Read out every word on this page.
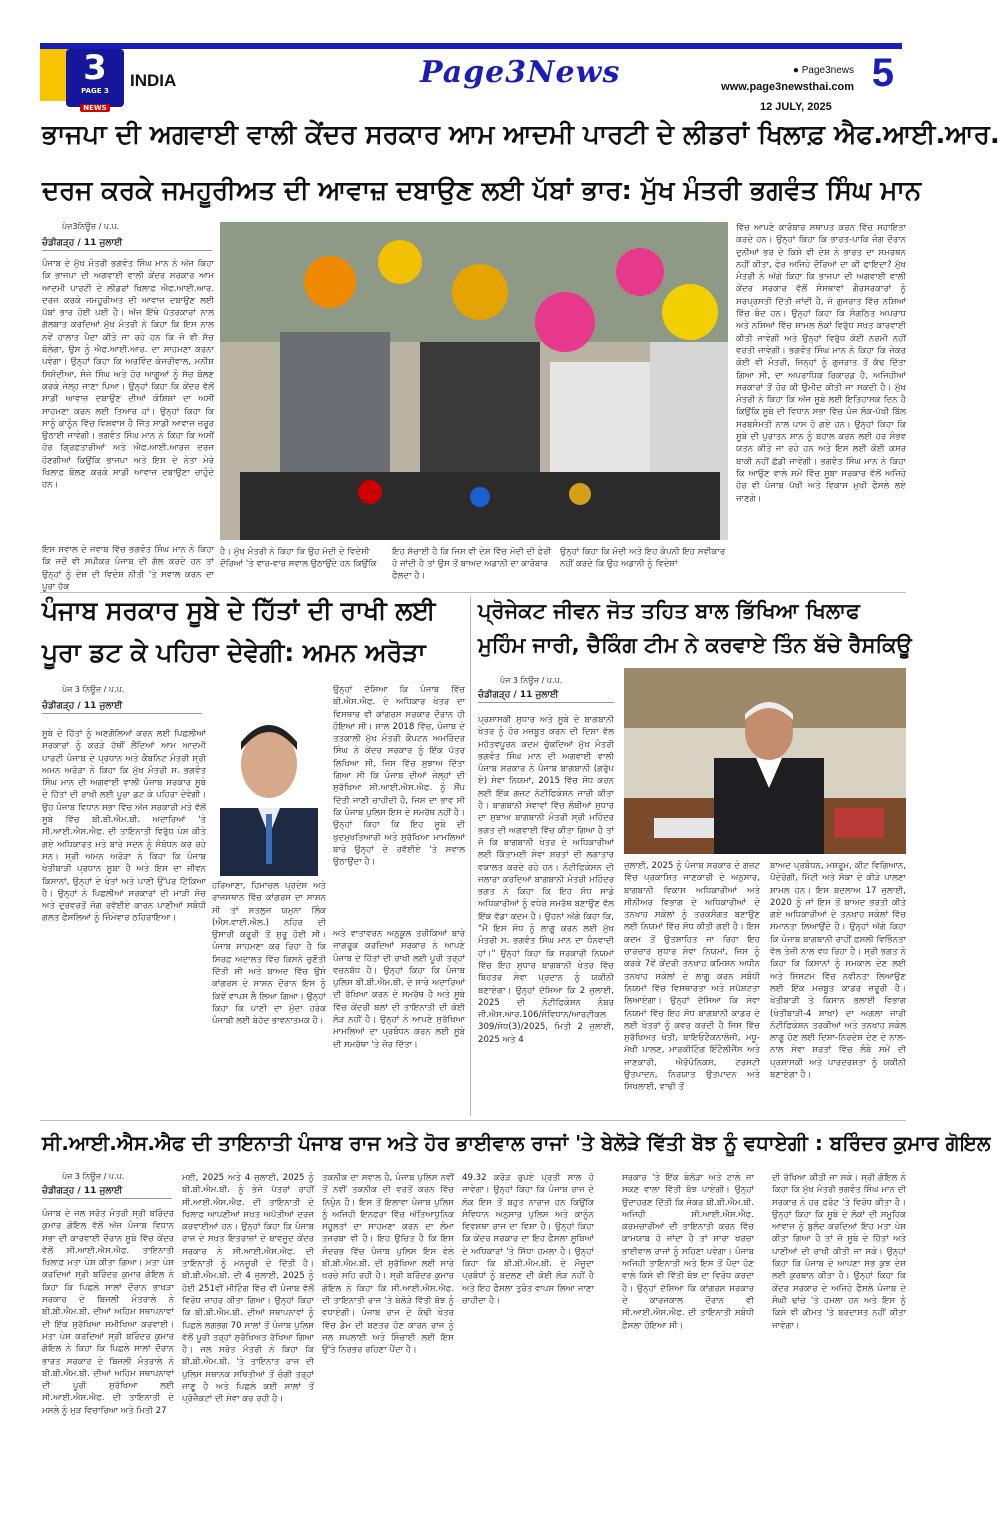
3
PAGE 3
NEWS
INDIA	Page3News	● Page3news
www.page3newsthai.com 5
12 JULY, 2025
ਭਾਜਪਾ ਦੀ ਅਗਵਾਈ ਵਾਲੀ ਕੇਂਦਰ ਸਰਕਾਰ ਆਮ ਆਦਮੀ ਪਾਰਟੀ ਦੇ ਲੀਡਰਾਂ ਖਿਲਾਫ਼ ਐਫ.ਆਈ.ਆਰ.
ਦਰਜ ਕਰਕੇ ਜਮਹੂਰੀਅਤ ਦੀ ਆਵਾਜ਼ ਦਬਾਉਣ ਲਈ ਪੱਬਾਂ ਭਾਰ: ਮੁੱਖ ਮੰਤਰੀ ਭਗਵੰਤ ਸਿੰਘ ਮਾਨ
ਪੇਜ਼3ਨਿਊਜ਼ / ਪ.ਪ.
ਚੰਡੀਗੜ੍ਹ / 11 ਜੁਲਾਈ
ਪੰਜਾਬ ਦੇ ਮੁੱਖ ਮੰਤਰੀ ਭਗਵੰਤ ਸਿੰਘ ਮਾਨ ਨੇ ਅੱਜ ਕਿਹਾ ਕਿ ਭਾਜਪਾ ਦੀ ਅਗਵਾਈ ਵਾਲੀ ਕੇਂਦਰ ਸਰਕਾਰ ਆਮ ਆਦਮੀ ਪਾਰਟੀ ਦੇ ਲੀਡਰਾਂ ਖਿਲਾਫ਼ ਐਫ.ਆਈ.ਆਰ. ਦਰਜ ਕਰਕੇ ਜਮਹੂਰੀਅਤ ਦੀ ਆਵਾਜ਼ ਦਬਾਉਣ ਲਈ ਪੱਬਾਂ ਭਾਰ ਹੋਈ ਪਈ ਹੈ। ਅੱਜ ਇੱਥੇ ਪੱਤਰਕਾਰਾਂ ਨਾਲ ਗੱਲਬਾਤ ਕਰਦਿਆਂ ਮੁੱਖ ਮੰਤਰੀ ਨੇ ਕਿਹਾ ਕਿ ਇਸ ਨਾਲ ਨਵੇਂ ਹਾਲਾਤ ਪੈਦਾ ਕੀਤੇ ਜਾ ਰਹੇ ਹਨ ਕਿ ਜੋ ਵੀ ਸੱਚ ਬੋਲੇਗਾ, ਉਸ ਨੂੰ ਐਫ.ਆਈ.ਆਰ. ਦਾ ਸਾਹਮਣਾ ਕਰਨਾ ਪਵੇਗਾ। ਉਨ੍ਹਾਂ ਕਿਹਾ ਕਿ ਅਰਵਿੰਦ ਕੇਜਰੀਵਾਲ, ਮਨੀਸ਼ ਸਿਸੋਦੀਆ, ਸੰਜੇ ਸਿੰਘ ਅਤੇ ਹੋਰ ਆਗੂਆਂ ਨੂੰ ਸੱਚ ਬੋਲਣ ਕਰਕੇ ਜੇਲ੍ਹ ਜਾਣਾ ਪਿਆ। ਉਨ੍ਹਾਂ ਕਿਹਾ ਕਿ ਕੇਂਦਰ ਵੱਲੋਂ ਸਾਡੀ ਆਵਾਜ਼ ਦਬਾਉਣ ਦੀਆਂ ਕੋਸ਼ਿਸ਼ਾਂ ਦਾ ਅਸੀਂ ਸਾਹਮਣਾ ਕਰਨ ਲਈ ਤਿਆਰ ਹਾਂ। ਉਨ੍ਹਾਂ ਕਿਹਾ ਕਿ ਸਾਨੂੰ ਕਾਨੂੰਨ ਵਿੱਚ ਵਿਸ਼ਵਾਸ ਹੈ ਜਿੱਤ ਸਾਡੀ ਆਵਾਜ਼ ਜ਼ਰੂਰ ਉਠਾਈ ਜਾਵੇਗੀ। ਭਗਵੰਤ ਸਿੰਘ ਮਾਨ ਨੇ ਕਿਹਾ ਕਿ ਅਸੀਂ ਹੋਰ ਗ੍ਰਿਫ਼ਤਾਰੀਆਂ ਅਤੇ ਐਫ.ਆਈ.ਆਰਜ਼ ਦਰਜ ਹੋਣਗੀਆਂ ਕਿਉਂਕਿ ਭਾਜਪਾ ਅਤੇ ਇਸ ਦੇ ਨੇਤਾ ਮੇਰੇ ਖਿਲਾਫ਼ ਬੋਲਣ ਕਰਕੇ ਸਾਡੀ ਆਵਾਜ਼ ਦਬਾਉਣਾ ਚਾਹੁੰਦੇ ਹਨ।
ਇਸ ਸਵਾਲ ਦੇ ਜਵਾਬ ਵਿੱਚ ਭਗਵੰਤ ਸਿੰਘ ਮਾਨ ਨੇ ਕਿਹਾ ਕਿ ਜਦੋਂ ਵੀ ਸਪੀਕਰ ਪੰਜਾਬ ਦੀ ਗੱਲ ਕਰਦੇ ਹਨ ਤਾਂ ਉਨ੍ਹਾਂ ਨੂੰ ਦੇਸ਼ ਦੀ ਵਿਦੇਸ਼ ਨੀਤੀ 'ਤੇ ਸਵਾਲ ਕਰਨ ਦਾ ਪੂਰਾ ਹੱਕ
ਹੈ। ਮੁੱਖ ਮੰਤਰੀ ਨੇ ਕਿਹਾ ਕਿ ਉਹ ਮੋਦੀ ਦੇ ਵਿਦੇਸ਼ੀ ਦੌਰਿਆਂ 'ਤੇ ਵਾਰ-ਵਾਰ ਸਵਾਲ ਉਠਾਉਂਦੇ ਹਨ ਕਿਉਂਕਿ
ਇਹ ਸੱਚਾਈ ਹੈ ਕਿ ਜਿਸ ਵੀ ਦੇਸ਼ ਵਿੱਚ ਮੋਦੀ ਦੀ ਫੇਰੀ ਹੋ ਜਾਂਦੀ ਹੈ ਤਾਂ ਉਸ ਤੋਂ ਬਾਅਦ ਅਡਾਨੀ ਦਾ ਕਾਰੋਬਾਰ ਫੈਲਦਾ ਹੈ।
ਉਨ੍ਹਾਂ ਕਿਹਾ ਕਿ ਮੋਦੀ ਅਤੇ ਇਹ ਕੰਪਨੀ ਇਹ ਸਵੀਕਾਰ ਨਹੀਂ ਕਰਦੇ ਕਿ ਉਹ ਅਡਾਨੀ ਨੂੰ ਵਿਦੇਸ਼ਾਂ
ਵਿੱਚ ਆਪਣੇ ਕਾਰੋਬਾਰ ਸਥਾਪਤ ਕਰਨ ਵਿੱਚ ਸਹਾਇਤਾ ਕਰਦੇ ਹਨ। ਉਨ੍ਹਾਂ ਕਿਹਾ ਕਿ ਭਾਰਤ-ਪਾਕਿ ਜੰਗ ਦੌਰਾਨ ਦੁਨੀਆਂ ਭਰ ਦੇ ਕਿਸੇ ਵੀ ਦੇਸ਼ ਨੇ ਭਾਰਤ ਦਾ ਸਮਰਥਨ ਨਹੀਂ ਕੀਤਾ, ਫੇਰ ਅਜਿਹੇ ਦੌਰਿਆਂ ਦਾ ਕੀ ਫਾਇਦਾ? ਮੁੱਖ ਮੰਤਰੀ ਨੇ ਅੱਗੇ ਕਿਹਾ ਕਿ ਭਾਜਪਾ ਦੀ ਅਗਵਾਈ ਵਾਲੀ ਕੇਂਦਰ ਸਰਕਾਰ ਵੱਲੋਂ ਸੰਸਥਾਵਾਂ ਗੈਰਸਰਕਾਰਾਂ ਨੂੰ ਸਰਪ੍ਰਸਤੀ ਦਿੱਤੀ ਜਾਂਦੀ ਹੈ, ਜੋ ਗੁਜਰਾਤ ਵਿੱਚ ਨਸ਼ਿਆਂ ਵਿੱਚ ਬੰਦ ਹਨ। ਉਨ੍ਹਾਂ ਕਿਹਾ ਕਿ ਸੰਗਠਿਤ ਅਪਰਾਧ ਅਤੇ ਨਸ਼ਿਆਂ ਵਿੱਚ ਸ਼ਾਮਲ ਲੋਕਾਂ ਵਿਰੁੱਧ ਸਖ਼ਤ ਕਾਰਵਾਈ ਕੀਤੀ ਜਾਵੇਗੀ ਅਤੇ ਉਨ੍ਹਾਂ ਵਿਰੁੱਧ ਕੋਈ ਨਰਮੀ ਨਹੀਂ ਵਰਤੀ ਜਾਵੇਗੀ। ਭਗਵੰਤ ਸਿੰਘ ਮਾਨ ਨੇ ਕਿਹਾ ਕਿ ਜੇਕਰ ਕੋਈ ਵੀ ਮੰਤਰੀ, ਜਿਨ੍ਹਾਂ ਨੂੰ ਗੁਜਰਾਤ ਤੋਂ ਕੱਢ ਦਿੱਤਾ ਗਿਆ ਸੀ, ਦਾ ਅਪਰਾਧਿਕ ਰਿਕਾਰਡ ਹੈ, ਅਜਿਹੀਆਂ ਸਰਕਾਰਾਂ ਤੋਂ ਹੋਰ ਕੀ ਉਮੀਦ ਕੀਤੀ ਜਾ ਸਕਦੀ ਹੈ। ਮੁੱਖ ਮੰਤਰੀ ਨੇ ਕਿਹਾ ਕਿ ਅੱਜ ਸੂਬੇ ਲਈ ਇਤਿਹਾਸਕ ਦਿਨ ਹੈ ਕਿਉਂਕਿ ਸੂਬੇ ਦੀ ਵਿਧਾਨ ਸਭਾ ਵਿੱਚ ਪੰਜ ਲੋਕ-ਪੱਖੀ ਬਿੱਲ ਸਰਬਸੰਮਤੀ ਨਾਲ ਪਾਸ ਹੋ ਗਏ ਹਨ। ਉਨ੍ਹਾਂ ਕਿਹਾ ਕਿ ਸੂਬੇ ਦੀ ਪੁਰਾਤਨ ਸ਼ਾਨ ਨੂੰ ਬਹਾਲ ਕਰਨ ਲਈ ਹਰ ਸੰਭਵ ਯਤਨ ਕੀਤੇ ਜਾ ਰਹੇ ਹਨ ਅਤੇ ਇਸ ਲਈ ਕੋਈ ਕਸਰ ਬਾਕੀ ਨਹੀਂ ਛੱਡੀ ਜਾਵੇਗੀ। ਭਗਵੰਤ ਸਿੰਘ ਮਾਨ ਨੇ ਕਿਹਾ ਕਿ ਆਉਣ ਵਾਲੇ ਸਮੇਂ ਵਿੱਚ ਸੂਬਾ ਸਰਕਾਰ ਵੱਲੋਂ ਅਜਿਹੇ ਹੋਰ ਵੀ ਪੰਜਾਬ ਪੱਖੀ ਅਤੇ ਵਿਕਾਸ ਮੁਖੀ ਫੈਸਲੇ ਲਏ ਜਾਣਗੇ।
ਪੰਜਾਬ ਸਰਕਾਰ ਸੂਬੇ ਦੇ ਹਿੱਤਾਂ ਦੀ ਰਾਖੀ ਲਈ
ਪੂਰਾ ਡਟ ਕੇ ਪਹਿਰਾ ਦੇਵੇਗੀ: ਅਮਨ ਅਰੋੜਾ
ਪੇਜ 3 ਨਿਊਜ਼ / ਪ.ਪ.
ਚੰਡੀਗੜ੍ਹ / 11 ਜੁਲਾਈ
ਸੂਬੇ ਦੇ ਹਿੱਤਾਂ ਨੂੰ ਅਣਗੌਲਿਆਂ ਕਰਨ ਲਈ ਪਿਛਲੀਆਂ ਸਰਕਾਰਾਂ ਨੂੰ ਕਰੜੇ ਹੱਥੀਂ ਲੈਂਦਿਆਂ ਆਮ ਆਦਮੀ ਪਾਰਟੀ ਪੰਜਾਬ ਦੇ ਪ੍ਰਧਾਨ ਅਤੇ ਕੈਬਨਿਟ ਮੰਤਰੀ ਸ੍ਰੀ ਅਮਨ ਅਰੋੜਾ ਨੇ ਕਿਹਾ ਕਿ ਮੁੱਖ ਮੰਤਰੀ ਸ. ਭਗਵੰਤ ਸਿੰਘ ਮਾਨ ਦੀ ਅਗਵਾਈ ਵਾਲੀ ਪੰਜਾਬ ਸਰਕਾਰ ਸੂਬੇ ਦੇ ਹਿੱਤਾਂ ਦੀ ਰਾਖੀ ਲਈ ਪੂਰਾ ਡਟ ਕੇ ਪਹਿਰਾ ਦੇਵੇਗੀ। ਉਹ ਪੰਜਾਬ ਵਿਧਾਨ ਸਭਾ ਵਿੱਚ ਅੱਜ ਸਰਕਾਰੀ ਮਤੇ ਵੱਲੋਂ ਸੂਬੇ ਵਿੱਚ ਬੀ.ਬੀ.ਐਮ.ਬੀ. ਅਦਾਰਿਆਂ 'ਤੇ ਸੀ.ਆਈ.ਐਸ.ਐਫ. ਦੀ ਤਾਇਨਾਤੀ ਵਿਰੁੱਧ ਪੇਸ਼ ਕੀਤੇ ਗਏ ਅਧਿਕਾਰਤ ਮਤੇ ਬਾਰੇ ਸਦਨ ਨੂੰ ਸੰਬੋਧਨ ਕਰ ਰਹੇ ਸਨ। ਸ੍ਰੀ ਅਮਨ ਅਰੋੜਾ ਨੇ ਕਿਹਾ ਕਿ ਪੰਜਾਬ ਖੇਤੀਬਾੜੀ ਪ੍ਰਧਾਨ ਸੂਬਾ ਹੈ ਅਤੇ ਇਸ ਦਾ ਜੀਵਨ ਕਿਸਾਨਾਂ, ਉਨ੍ਹਾਂ ਦੇ ਖੇਤਾਂ ਅਤੇ ਪਾਣੀ ਉੱਪਰ ਟਿੱਕਿਆ ਹੈ। ਉਨ੍ਹਾਂ ਨੇ ਪਿਛਲੀਆਂ ਸਰਕਾਰਾਂ ਦੀ ਮਾੜੀ ਸੋਚ ਅਤੇ ਦੁਰਵਰਤੋਂ ਜੋਗ ਰਵੱਈਏ ਕਾਰਨ ਪਾਣੀਆਂ ਸਬੰਧੀ ਗਲਤ ਫੈਸਲਿਆਂ ਨੂੰ ਜ਼ਿੰਮੇਵਾਰ ਠਹਿਰਾਇਆ।
ਹਰਿਆਣਾ, ਹਿਮਾਚਲ ਪ੍ਰਦੇਸ਼ ਅਤੇ ਰਾਜਸਥਾਨ ਵਿੱਚ ਕਾਂਗਰਸ ਦਾ ਸਾਸ਼ਨ ਸੀ ਤਾਂ ਸਤਲੁਜ ਯਮੁਨਾ ਲਿੰਕ (ਐਸ.ਵਾਈ.ਐਲ.) ਨਹਿਰ ਦੀ ਉਸਾਰੀ ਕਰੂਰੀ ਤੋਂ ਸ਼ੁਰੂ ਹੋਈ ਸੀ। ਪੰਜਾਬ ਸਾਹਮਣਾ ਕਰ ਰਿਹਾ ਹੈ ਕਿ ਸਿਰਫ਼ ਅਦਾਲਤ ਵਿੱਚ ਕਿਸਨੇ ਚੁਣੌਤੀ ਦਿੱਤੀ ਸੀ ਅਤੇ ਬਾਅਦ ਵਿੱਚ ਉਸੇ ਕਾਂਗਰਸ ਦੇ ਸਾਸ਼ਨ ਦੌਰਾਨ ਇਸ ਨੂੰ ਕਿਵੇਂ ਵਾਪਸ ਲੈ ਲਿਆ ਗਿਆ। ਉਨ੍ਹਾਂ ਕਿਹਾ ਕਿ ਪਾਣੀ ਦਾ ਮੁੱਦਾ ਹਰੇਕ ਪੰਜਾਬੀ ਲਈ ਬੇਹੱਦ ਭਾਵਨਾਤਮਕ ਹੈ।
ਉਨ੍ਹਾਂ ਦੱਸਿਆ ਕਿ ਪੰਜਾਬ ਵਿੱਚ ਬੀ.ਐਸ.ਐਫ. ਦੇ ਅਧਿਕਾਰ ਖੇਤਰ ਦਾ ਵਿਸਥਾਰ ਵੀ ਕਾਂਗਰਸ ਸਰਕਾਰ ਦੌਰਾਨ ਹੀ ਹੋਇਆ ਸੀ। ਸਾਲ 2018 ਵਿੱਚ, ਪੰਜਾਬ ਦੇ ਤਤਕਾਲੀ ਮੁੱਖ ਮੰਤਰੀ ਕੈਪਟਨ ਅਮਰਿੰਦਰ ਸਿੰਘ ਨੇ ਕੇਂਦਰ ਸਰਕਾਰ ਨੂੰ ਇੱਕ ਪੱਤਰ ਲਿਖਿਆ ਸੀ, ਜਿਸ ਵਿੱਚ ਸੁਝਾਅ ਦਿੱਤਾ ਗਿਆ ਸੀ ਕਿ ਪੰਜਾਬ ਦੀਆਂ ਜੇਲ੍ਹਾਂ ਦੀ ਸੁਰੱਖਿਆ ਸੀ.ਆਈ.ਐਸ.ਐਫ. ਨੂੰ ਸੌਂਪ ਦਿੱਤੀ ਜਾਣੀ ਚਾਹੀਦੀ ਹੈ, ਜਿਸ ਦਾ ਭਾਵ ਸੀ ਕਿ ਪੰਜਾਬ ਪੁਲਿਸ ਇਸ ਦੇ ਸਮਰੱਥ ਨਹੀਂ ਹੈ। ਉਨ੍ਹਾਂ ਕਿਹਾ ਕਿ ਇਹ ਸੂਬੇ ਦੀ ਖੁਦਮੁਖਤਿਆਰੀ ਅਤੇ ਸੁਰੱਖਿਆ ਮਾਮਲਿਆਂ ਬਾਰੇ ਉਨ੍ਹਾਂ ਦੇ ਰਵੱਈਏ 'ਤੇ ਸਵਾਲ ਉਠਾਉਂਦਾ ਹੈ।
ਅਤੇ ਵਾਤਾਵਰਨ ਅਨੁਕੂਲ ਤਰੀਕਿਆਂ ਬਾਰੇ ਜਾਗਰੂਕ ਕਰਦਿਆਂ ਸਰਕਾਰ ਨੇ ਆਪਣੇ ਪੰਜਾਬ ਦੇ ਹਿੱਤਾਂ ਦੀ ਰਾਖੀ ਲਈ ਪੂਰੀ ਤਰ੍ਹਾਂ ਵਚਨਬੱਧ ਹੈ। ਉਨ੍ਹਾਂ ਕਿਹਾ ਕਿ ਪੰਜਾਬ ਪੁਲਿਸ ਬੀ.ਬੀ.ਐਮ.ਬੀ. ਦੇ ਸਾਰੇ ਅਦਾਰਿਆਂ ਦੀ ਰੱਖਿਆ ਕਰਨ ਦੇ ਸਮਰੱਥ ਹੈ ਅਤੇ ਸੂਬੇ ਵਿੱਚ ਕੇਂਦਰੀ ਬਲਾਂ ਦੀ ਤਾਇਨਾਤੀ ਦੀ ਕੋਈ ਲੋੜ ਨਹੀਂ ਹੈ। ਉਨ੍ਹਾਂ ਨੇ ਆਪਣੇ ਸੁਰੱਖਿਆ ਮਾਮਲਿਆਂ ਦਾ ਪ੍ਰਬੰਧਨ ਕਰਨ ਲਈ ਸੂਬੇ ਦੀ ਸਮਰੱਥਾ 'ਤੇ ਜ਼ੋਰ ਦਿੱਤਾ।
ਪ੍ਰੋਜੇਕਟ ਜੀਵਨ ਜੋਤ ਤਹਿਤ ਬਾਲ ਭਿੱਖਿਆ ਖਿਲਾਫ
ਮੁਹਿੰਮ ਜਾਰੀ, ਚੈਕਿੰਗ ਟੀਮ ਨੇ ਕਰਵਾਏ ਤਿੰਨ ਬੱਚੇ ਰੈਸਕਿਊ
ਪੇਜ 3 ਨਿਊਜ਼ / ਪ.ਪ.
ਚੰਡੀਗੜ੍ਹ / 11 ਜੁਲਾਈ
ਪ੍ਰਸ਼ਾਸਕੀ ਸੁਧਾਰ ਅਤੇ ਸੂਬੇ ਦੇ ਬਾਗਬਾਨੀ ਖੇਤਰ ਨੂੰ ਹੋਰ ਮਜ਼ਬੂਤ ਕਰਨ ਦੀ ਦਿਸ਼ਾ ਵੱਲ ਮਹੱਤਵਪੂਰਨ ਕਦਮ ਚੁੱਕਦਿਆਂ ਮੁੱਖ ਮੰਤਰੀ ਭਗਵੰਤ ਸਿੰਘ ਮਾਨ ਦੀ ਅਗਵਾਈ ਵਾਲੀ ਪੰਜਾਬ ਸਰਕਾਰ ਨੇ ਪੰਜਾਬ ਬਾਗਬਾਨੀ (ਗਰੁੱਪ ਏ) ਸੇਵਾ ਨਿਯਮਾਂ, 2015 ਵਿੱਚ ਸੋਧ ਕਰਨ ਲਈ ਇੱਕ ਗਜ਼ਟ ਨੋਟੀਫਿਕੇਸ਼ਨ ਜਾਰੀ ਕੀਤਾ ਹੈ। ਬਾਗਬਾਨੀ ਸੇਵਾਵਾਂ ਵਿੱਚ ਲੰਬੀਆਂ ਸੁਧਾਰ ਦਾ ਸੁਝਾਅ ਬਾਗਬਾਨੀ ਮੰਤਰੀ ਸ੍ਰੀ ਮਹਿੰਦਰ ਭਗਤ ਦੀ ਅਗਵਾਈ ਵਿੱਚ ਕੀਤਾ ਗਿਆ ਹੈ ਤਾਂ ਜੋ ਕਿ ਬਾਗਬਾਨੀ ਖੇਤਰ ਦੇ ਅਧਿਕਾਰੀਆਂ ਲਈ ਕਿੱਤਾਮਈ ਸੇਵਾ ਸ਼ਰਤਾਂ ਦੀ ਲਗਾਤਾਰ ਵਕਾਲਤ ਕਰਦੇ ਰਹੇ ਹਨ। ਨੋਟੀਫਿਕੇਸ਼ਨ ਦੀ ਜਲਾਰਾ ਕਰਦਿਆਂ ਬਾਗਬਾਨੀ ਮੰਤਰੀ ਮਹਿੰਦਰ ਭਗਤ ਨੇ ਕਿਹਾ ਕਿ ਇਹ ਸੋਧ ਸਾਡੇ ਅਧਿਕਾਰੀਆਂ ਨੂੰ ਵਧੇਰੇ ਸਮਰੱਥ ਬਣਾਉਣ ਵੱਲ ਇੱਕ ਵੱਡਾ ਕਦਮ ਹੈ। ਉਹਨਾਂ ਅੱਗੇ ਕਿਹਾ ਕਿ, "ਮੈਂ ਇਸ ਸੋਧ ਨੂੰ ਲਾਗੂ ਕਰਨ ਲਈ ਮੁੱਖ ਮੰਤਰੀ ਸ. ਭਗਵੰਤ ਸਿੰਘ ਮਾਨ ਦਾ ਧੰਨਵਾਦੀ ਹਾਂ।" ਉਨ੍ਹਾਂ ਕਿਹਾ ਕਿ ਸਰਕਾਰੀ ਨਿਯਮਾਂ ਵਿੱਚ ਇਹ ਸੁਧਾਰ ਬਾਗਬਾਨੀ ਖੇਤਰ ਵਿੱਚ ਬਿਹਤਰ ਸੇਵਾ ਪ੍ਰਦਾਨ ਨੂੰ ਯਕੀਨੀ ਬਣਾਏਗਾ। ਉਨ੍ਹਾਂ ਦੱਸਿਆ ਕਿ 2 ਜੁਲਾਈ, 2025 ਦੀ ਨੋਟੀਫਿਕੇਸ਼ਨ ਨੰਬਰ ਜੀ.ਐਸ.ਆਰ.106/ਸੰਵਿਧਾਨ/ਆਰਟੀਕਲ 309/ਸੋਧ(3)/2025, ਮਿਤੀ 2 ਜੁਲਾਈ, 2025 ਅਤੇ 4
ਜੁਲਾਈ, 2025 ਨੂੰ ਪੰਜਾਬ ਸਰਕਾਰ ਦੇ ਗਜ਼ਟ ਵਿੱਚ ਪ੍ਰਕਾਸ਼ਿਤ ਜਾਣਕਾਰੀ ਦੇ ਅਨੁਸਾਰ, ਬਾਗਬਾਨੀ ਵਿਕਾਸ ਅਧਿਕਾਰੀਆਂ ਅਤੇ ਸੀਨੀਅਰ ਵਿਭਾਗ ਦੇ ਅਧਿਕਾਰੀਆਂ ਦੇ ਤਨਖਾਹ ਸਕੇਲਾਂ ਨੂੰ ਤਰਕਸੰਗਤ ਬਣਾਉਣ ਲਈ ਨਿਯਮਾਂ ਵਿੱਚ ਸੋਧ ਕੀਤੀ ਗਈ ਹੈ। ਇਸ ਕਦਮ ਤੋਂ ਉਤਸ਼ਾਹਿਤ ਜਾ ਰਿਹਾ ਇਹ ਚਾਰਚਾਰ ਸੁਧਾਰ ਸੇਵਾ ਨਿਯਮਾਂ, ਜਿਸ ਨੂੰ ਕਰਕੇ 7ਵੇਂ ਕੇਂਦਰੀ ਤਨਖਾਹ ਕਮਿਸ਼ਨ ਅਧੀਨ ਤਨਖਾਹ ਸਕੇਲਾਂ ਦੇ ਲਾਗੂ ਕਰਨ ਸਬੰਧੀ ਨਿਯਮਾਂ ਵਿੱਚ ਵਿਸਥਾਰਤਾ ਅਤੇ ਸਪੱਸ਼ਟਤਾ ਲਿਆਏਗਾ। ਉਨ੍ਹਾਂ ਦੱਸਿਆ ਕਿ ਸੇਵਾ ਨਿਯਮਾਂ ਵਿੱਚ ਇਹ ਸੋਧ ਬਾਗਬਾਨੀ ਕਾਡਰ ਦੇ ਲਈ ਖੇਤਰਾਂ ਨੂੰ ਕਵਰ ਕਰਦੀ ਹੈ ਜਿਸ ਵਿੱਚ ਸੁਰੱਖਿਅਤ ਖੇਤੀ, ਬਾਇਓਟੈਕਨਾਲੋਜੀ, ਮਧੂ-ਮੱਖੀ ਪਾਲਣ, ਮਾਰਕੀਟਿੰਗ ਇੰਟੈਲੀਜੈਂਸ ਅਤੇ ਜਾਣਕਾਰੀ, ਐਰੋਪੋਨਿਕਸ, ਟਰਸਟੀ ਉਤਪਾਦਨ, ਨਿਰਯਾਤ ਉਤਪਾਦਨ ਅਤੇ ਸਿਖਲਾਈ, ਵਾਢੀ ਤੋਂ
ਬਾਅਦ ਪ੍ਰਬੰਧਨ, ਮਸ਼ਰੂਮ, ਕੀਟ ਵਿਗਿਆਨ, ਪੌਦੇਰੋਗੀ, ਮਿੱਟੀ ਅਤੇ ਸੋਕਾ ਦੇ ਕੀੜੇ ਪਾਲਣਾ ਸ਼ਾਮਲ ਹਨ। ਇਸ ਬਦਲਾਅ 17 ਜੁਲਾਈ, 2020 ਨੂੰ ਜਾਂ ਇਸ ਤੋਂ ਬਾਅਦ ਭਰਤੀ ਕੀਤੇ ਗਏ ਅਧਿਕਾਰੀਆਂ ਦੇ ਤਨਖਾਹ ਸਕੇਲਾਂ ਵਿੱਚ ਸਮਾਨਤਾ ਲਿਆਉਂਦੇ ਹੈ। ਉਨ੍ਹਾਂ ਅੱਗੇ ਕਿਹਾ ਕਿ ਪੰਜਾਬ ਬਾਗਬਾਨੀ ਰਾਹੀਂ ਫ਼ਸਲੀ ਵਿਭਿੰਨਤਾ ਵੱਲ ਤੇਜ਼ੀ ਨਾਲ ਵਧ ਰਿਹਾ ਹੈ। ਸ੍ਰੀ ਭਗਤ ਨੇ ਕਿਹਾ ਕਿ ਕਿਸਾਨਾਂ ਨੂੰ ਸਮਕਾਲ ਦੇਣ ਲਈ ਅਤੇ ਸਿਸਟਮ ਵਿੱਚ ਨਵੀਨਤਾ ਲਿਆਉਣ ਲਈ ਇੱਕ ਮਜ਼ਬੂਤ ਕਾਡਰ ਜ਼ਰੂਰੀ ਹੈ। ਖੇਤੀਬਾੜੀ ਤੇ ਕਿਸਾਨ ਭਲਾਈ ਵਿਭਾਗ (ਖੇਤੀਬਾੜੀ-4 ਸ਼ਾਖਾ) ਦਾ ਅਗਲਾ ਜਾਰੀ ਨੋਟੀਫਿਕੇਸ਼ਨ ਤਰਕੀਆਂ ਅਤੇ ਤਨਖਾਹ ਸਕੇਲ ਲਾਗੂ ਹੋਣ ਲਈ ਦਿਸ਼ਾ-ਨਿਰਦੇਸ਼ ਦੇਣ ਦੇ ਨਾਲ-ਨਾਲ ਸੇਵਾ ਸ਼ਰਤਾਂ ਵਿੱਚ ਲੰਬੇ ਸਮੇਂ ਦੀ ਪ੍ਰਸ਼ਾਸਕੀ ਅਤੇ ਪਾਰਦਰਸ਼ਤਾ ਨੂੰ ਯਕੀਨੀ ਬਣਾਏਗਾ ਹੈ।
ਸੀ.ਆਈ.ਐਸ.ਐਫ ਦੀ ਤਾਇਨਾਤੀ ਪੰਜਾਬ ਰਾਜ ਅਤੇ ਹੋਰ ਭਾਈਵਾਲ ਰਾਜਾਂ 'ਤੇ ਬੇਲੋੜੇ ਵਿੱਤੀ ਬੋਝ ਨੂੰ ਵਧਾਏਗੀ : ਬਰਿੰਦਰ ਕੁਮਾਰ ਗੋਇਲ
ਪੇਜ 3 ਨਿਊਜ਼ / ਪ.ਪ.
ਚੰਡੀਗੜ੍ਹ / 11 ਜੁਲਾਈ
ਪੰਜਾਬ ਦੇ ਜਲ ਸਰੋਤ ਮੰਤਰੀ ਸ੍ਰੀ ਬਰਿੰਦਰ ਕੁਮਾਰ ਗੋਇਲ ਵੱਲੋਂ ਅੱਜ ਪੰਜਾਬ ਵਿਧਾਨ ਸਭਾ ਦੀ ਕਾਰਵਾਈ ਦੌਰਾਨ ਸੂਬੇ ਵਿੱਚ ਕੇਂਦਰ ਵੱਲੋਂ ਸੀ.ਆਈ.ਐਸ.ਐਫ. ਤਾਇਨਾਤੀ ਖ਼ਿਲਾਫ਼ ਮਤਾ ਪੇਸ਼ ਕੀਤਾ ਗਿਆ। ਮਤਾ ਪੇਸ਼ ਕਰਦਿਆਂ ਸ੍ਰੀ ਬਰਿੰਦਰ ਕੁਮਾਰ ਗੋਇਲ ਨੇ ਕਿਹਾ ਕਿ ਪਿਛਲੇ ਸਾਲਾਂ ਦੌਰਾਨ ਭਾਖੜਾ ਸਰਕਾਰ ਦੇ ਬਿਜਲੀ ਮੰਤਰਾਲੇ ਨੇ ਬੀ.ਬੀ.ਐਮ.ਬੀ. ਦੀਆਂ ਅਹਿਮ ਸਥਾਪਨਾਵਾਂ ਦੀ ਇੱਕ ਸੁਰੱਖਿਆ ਸਮੀਖਿਆ ਕਰਵਾਈ। ਮਤਾ ਪੇਸ਼ ਕਰਦਿਆਂ ਸ੍ਰੀ ਬਰਿੰਦਰ ਕੁਮਾਰ ਗੋਇਲ ਨੇ ਕਿਹਾ ਕਿ ਪਿਛਲੇ ਸਾਲਾਂ ਦੌਰਾਨ ਭਾਰਤ ਸਰਕਾਰ ਦੇ ਬਿਜਲੀ ਮੰਤਰਾਲੇ ਨੇ ਬੀ.ਬੀ.ਐਮ.ਬੀ. ਦੀਆਂ ਅਹਿਮ ਸਥਾਪਨਾਵਾਂ ਦੀ ਪੂਰੀ ਸੁਰੱਖਿਆ ਲਈ ਸੀ.ਆਈ.ਐਸ.ਐਫ. ਦੀ ਤਾਇਨਾਤੀ ਦੇ ਮਸਲੇ ਨੂੰ ਮੁੜ ਵਿਚਾਰਿਆ ਅਤੇ ਮਿਤੀ 27
ਮਈ, 2025 ਅਤੇ 4 ਜੁਲਾਈ, 2025 ਨੂੰ ਬੀ.ਬੀ.ਐਮ.ਬੀ. ਨੂੰ ਭੇਜੇ ਪੱਤਰਾਂ ਰਾਹੀਂ ਸੀ.ਆਈ.ਐਸ.ਐਫ. ਦੀ ਤਾਇਨਾਤੀ ਦੇ ਖਿਲਾਫ਼ ਆਪਣੀਆਂ ਸਖ਼ਤ ਅਪੱਤੀਆਂ ਦਰਜ ਕਰਵਾਈਆਂ ਹਨ। ਉਨ੍ਹਾਂ ਕਿਹਾ ਕਿ ਪੰਜਾਬ ਰਾਜ ਦੇ ਸਖ਼ਤ ਇਤਰਾਜ਼ਾਂ ਦੇ ਬਾਵਜੂਦ ਕੇਂਦਰ ਸਰਕਾਰ ਨੇ ਸੀ.ਆਈ.ਐਸ.ਐਫ. ਦੀ ਤਾਇਨਾਤੀ ਨੂੰ ਮਨਜ਼ੂਰੀ ਦੇ ਦਿੱਤੀ ਹੈ। ਬੀ.ਬੀ.ਐਮ.ਬੀ. ਦੀ 4 ਜੁਲਾਈ, 2025 ਨੂੰ ਹੋਈ 251ਵੀਂ ਮੀਟਿੰਗ ਵਿੱਚ ਵੀ ਪੰਜਾਬ ਵੱਲੋਂ ਵਿਰੋਧ ਜ਼ਾਹਰ ਕੀਤਾ ਗਿਆ। ਉਨ੍ਹਾਂ ਕਿਹਾ ਕਿ ਬੀ.ਬੀ.ਐਮ.ਬੀ. ਦੀਆਂ ਸਥਾਪਨਾਵਾਂ ਨੂੰ ਪਿਛਲੇ ਲਗਭਗ 70 ਸਾਲਾਂ ਤੋਂ ਪੰਜਾਬ ਪੁਲਿਸ ਵੱਲੋਂ ਪੂਰੀ ਤਰ੍ਹਾਂ ਸੁਰੱਖਿਅਤ ਰੱਖਿਆ ਗਿਆ ਹੈ। ਜਲ ਸਰੋਤ ਮੰਤਰੀ ਨੇ ਕਿਹਾ ਕਿ ਬੀ.ਬੀ.ਐਮ.ਬੀ. 'ਤੇ ਤਾਇਨਾਤ ਰਾਜ ਦੀ ਪੁਲਿਸ ਸਥਾਨਕ ਸਥਿਤੀਆਂ ਤੋਂ ਚੰਗੀ ਤਰ੍ਹਾਂ ਜਾਣੂ ਹੈ ਅਤੇ ਪਿਛਲੇ ਕਈ ਸਾਲਾਂ ਤੋਂ ਪ੍ਰੋਜੈਕਟਾਂ ਦੀ ਸੇਵਾ ਕਰ ਰਹੀ ਹੈ।
ਤਕਨੀਕ ਦਾ ਸਵਾਲ ਹੈ, ਪੰਜਾਬ ਪੁਲਿਸ ਨਵੀਂ ਤੋਂ ਨਵੀਂ ਤਕਨੀਕ ਦੀ ਵਰਤੋਂ ਕਰਨ ਵਿੱਚ ਨਿਪੁੰਨ ਹੈ। ਇਸ ਤੋਂ ਇਲਾਵਾ ਪੰਜਾਬ ਪੁਲਿਸ ਨੂੰ ਅਜਿਹੀ ਇਨਫਰਾ ਵਿੱਚ ਅੱਤਿਆਧੁਨਿਕ ਸਹੂਲਤਾਂ ਦਾ ਸਾਹਮਣਾ ਕਰਨ ਦਾ ਲੰਮਾ ਤਜਰਬਾ ਵੀ ਹੈ। ਇਹ ਉਚਿਤ ਹੈ ਕਿ ਇਸ ਸੰਦਰਭ ਵਿੱਚ ਪੰਜਾਬ ਪੁਲਿਸ ਇਸ ਵੇਲੇ ਬੀ.ਬੀ.ਐਮ.ਬੀ. ਦੀ ਸੁਰੱਖਿਆ ਲਈ ਸਾਰੇ ਖਰਚੇ ਸਹਿ ਰਹੀ ਹੈ। ਸ੍ਰੀ ਬਰਿੰਦਰ ਕੁਮਾਰ ਗੋਇਲ ਨੇ ਕਿਹਾ ਕਿ ਸੀ.ਆਈ.ਐਸ.ਐਫ. ਦੀ ਤਾਇਨਾਤੀ ਰਾਜ 'ਤੇ ਬੇਲੋੜੇ ਵਿੱਤੀ ਬੋਝ ਨੂੰ ਵਧਾਏਗੀ। ਪੰਜਾਬ ਰਾਜ ਦੇ ਕੰਢੀ ਖੇਤਰ ਵਿੱਚ ਡੈਮ ਦੀ ਬਣਤਰ ਹੋਣ ਕਾਰਨ ਰਾਜ ਨੂੰ ਜਲ ਸਪਲਾਈ ਅਤੇ ਸਿੰਚਾਈ ਲਈ ਇਸ ਉੱਤੇ ਨਿਰਭਰ ਰਹਿਣਾ ਪੈਂਦਾ ਹੈ।
49.32 ਕਰੋੜ ਰੁਪਏ ਪ੍ਰਤੀ ਸਾਲ ਹੋ ਜਾਵੇਗਾ। ਉਨ੍ਹਾਂ ਕਿਹਾ ਕਿ ਪੰਜਾਬ ਰਾਜ ਦੇ ਲੋਕ ਇਸ ਤੋਂ ਬਹੁਤ ਨਾਰਾਜ਼ ਹਨ ਕਿਉਂਕਿ ਸੰਵਿਧਾਨ ਅਨੁਸਾਰ ਪੁਲਿਸ ਅਤੇ ਕਾਨੂੰਨ ਵਿਵਸਥਾ ਰਾਜ ਦਾ ਵਿਸ਼ਾ ਹੈ। ਉਨ੍ਹਾਂ ਕਿਹਾ ਕਿ ਕੇਂਦਰ ਸਰਕਾਰ ਦਾ ਇਹ ਫੈਸਲਾ ਸੂਬਿਆਂ ਦੇ ਅਧਿਕਾਰਾਂ 'ਤੇ ਸਿੱਧਾ ਹਮਲਾ ਹੈ। ਉਨ੍ਹਾਂ ਕਿਹਾ ਕਿ ਬੀ.ਬੀ.ਐਮ.ਬੀ. ਦੇ ਮੌਜੂਦਾ ਪ੍ਰਬੰਧਾਂ ਨੂੰ ਬਦਲਣ ਦੀ ਕੋਈ ਲੋੜ ਨਹੀਂ ਹੈ ਅਤੇ ਇਹ ਫੈਸਲਾ ਤੁਰੰਤ ਵਾਪਸ ਲਿਆ ਜਾਣਾ ਚਾਹੀਦਾ ਹੈ।
ਸਰਕਾਰ 'ਤੇ ਇੱਕ ਬੇਲੋੜਾ ਅਤੇ ਟਾਲੇ ਜਾ ਸਕਣ ਵਾਲਾ ਵਿੱਤੀ ਬੋਝ ਪਾਏਗੀ। ਉਨ੍ਹਾਂ ਉਦਾਹਰਣ ਦਿੱਤੀ ਕਿ ਜੇਕਰ ਬੀ.ਬੀ.ਐਮ.ਬੀ. ਅਜਿਹੀ ਸੀ.ਆਈ.ਐਸ.ਐਫ. ਕਰਮਚਾਰੀਆਂ ਦੀ ਤਾਇਨਾਤੀ ਕਰਨ ਵਿੱਚ ਕਾਮਯਾਬ ਹੋ ਜਾਂਦਾ ਹੈ ਤਾਂ ਸਾਰਾ ਖਰਚਾ ਭਾਈਵਾਲ ਰਾਜਾਂ ਨੂੰ ਸਹਿਣਾ ਪਵੇਗਾ। ਪੰਜਾਬ ਅਜਿਹੀ ਤਾਇਨਾਤੀ ਅਤੇ ਇਸ ਤੋਂ ਪੈਦਾ ਹੋਣ ਵਾਲੇ ਕਿਸੇ ਵੀ ਵਿੱਤੀ ਬੋਝ ਦਾ ਵਿਰੋਧ ਕਰਦਾ ਹੈ। ਉਨ੍ਹਾਂ ਦੱਸਿਆ ਕਿ ਕਾਂਗਰਸ ਸਰਕਾਰ ਦੇ ਕਾਰਜਕਾਲ ਦੌਰਾਨ ਵੀ ਸੀ.ਆਈ.ਐਸ.ਐਫ. ਦੀ ਤਾਇਨਾਤੀ ਸਬੰਧੀ ਫ਼ੈਸਲਾ ਹੋਇਆ ਸੀ।
ਦੀ ਰੱਖਿਆ ਕੀਤੀ ਜਾ ਸਕੇ। ਸ੍ਰੀ ਗੋਇਲ ਨੇ ਕਿਹਾ ਕਿ ਮੁੱਖ ਮੰਤਰੀ ਭਗਵੰਤ ਸਿੰਘ ਮਾਨ ਦੀ ਸਰਕਾਰ ਨੇ ਹਰ ਫ਼ਰੰਟ 'ਤੇ ਵਿਰੋਧ ਕੀਤਾ ਹੈ। ਉਨ੍ਹਾਂ ਕਿਹਾ ਕਿ ਸੂਬੇ ਦੇ ਲੋਕਾਂ ਦੀ ਸਮੂਹਿਕ ਆਵਾਜ਼ ਨੂੰ ਬੁਲੰਦ ਕਰਦਿਆਂ ਇਹ ਮਤਾ ਪੇਸ਼ ਕੀਤਾ ਗਿਆ ਹੈ ਤਾਂ ਜੋ ਸੂਬੇ ਦੇ ਹਿੱਤਾਂ ਅਤੇ ਪਾਣੀਆਂ ਦੀ ਰਾਖੀ ਕੀਤੀ ਜਾ ਸਕੇ। ਉਨ੍ਹਾਂ ਕਿਹਾ ਕਿ ਪੰਜਾਬ ਦੇ ਆਪਣਾ ਸਭ ਕੁਝ ਦੇਸ਼ ਲਈ ਕੁਰਬਾਨ ਕੀਤਾ ਹੈ। ਉਨ੍ਹਾਂ ਕਿਹਾ ਕਿ ਕੇਂਦਰ ਸਰਕਾਰ ਦੇ ਅਜਿਹੇ ਫੈਸਲੇ ਪੰਜਾਬ ਦੇ ਸੰਘੀ ਢਾਂਚੇ 'ਤੇ ਹਮਲਾ ਹਨ ਅਤੇ ਇਸ ਨੂੰ ਕਿਸੇ ਵੀ ਕੀਮਤ 'ਤੇ ਬਰਦਾਸ਼ਤ ਨਹੀਂ ਕੀਤਾ ਜਾਵੇਗਾ।
